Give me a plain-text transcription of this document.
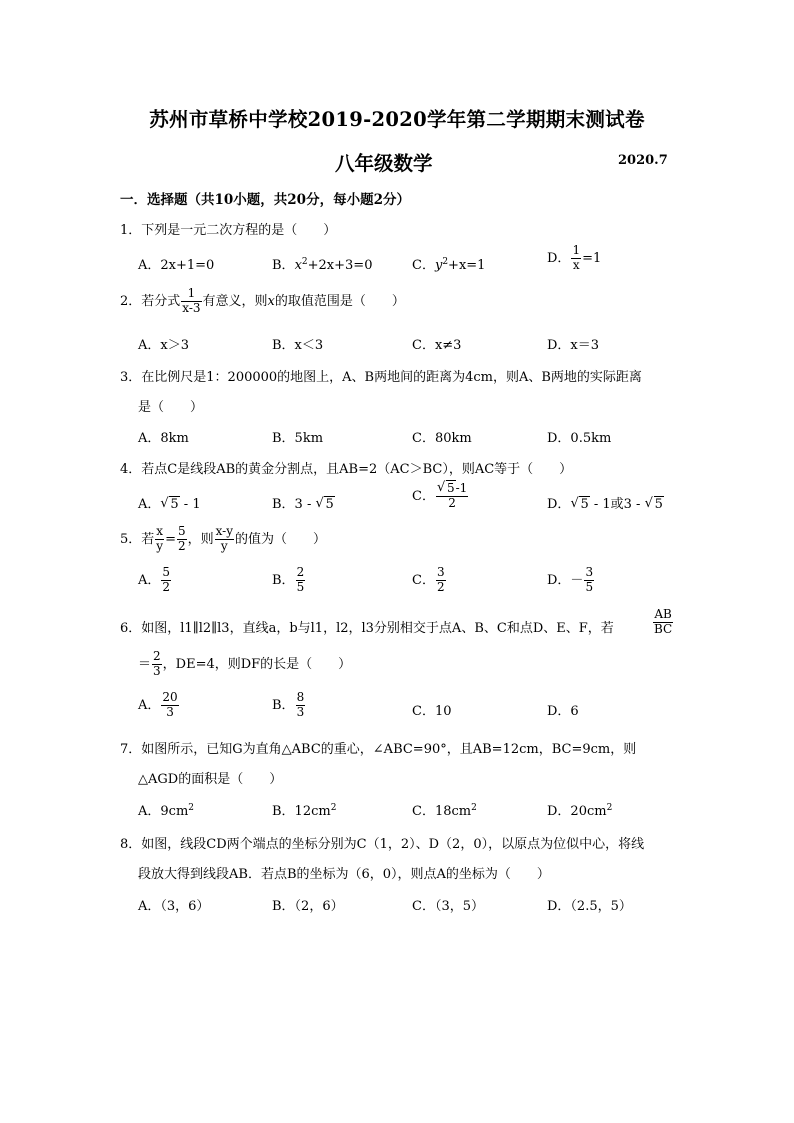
苏州市草桥中学校2019-2020学年第二学期期末测试卷
八年级数学	2020.7
一．选择题（共10小题，共20分，每小题2分）
1．下列是一元二次方程的是（　　）
A．2x+1=0	B．$x^2+2x+3=0$	C．$y^2+x=1$	D． $\frac{1}{x} =1$
2．若分式 $\frac{1}{x-3}$ 有意义，则x的取值范围是（　　）
A．x＞3	B．x＜3	C．x≠3	D．x＝3
3．在比例尺是1：200000的地图上，A、B两地间的距离为4cm，则A、B两地的实际距离
是（　　）
A．8km	B．5km	C．80km	D．0.5km
4．若点C是线段AB的黄金分割点，且AB=2（AC＞BC），则AC等于（　　）
A． √ 5 - 1	B．3 - √ 5
C． √ $\frac{5-1}{2}$	D． √ 5 - 1或3 - √ 5
5．若 $\frac{x}{y} = \frac{5}{2}$ ，则 $\frac{x-y}{y}$ 的值为（　　）
A． $\frac{5}{2}$	B． $\frac{2}{5}$	C． $\frac{3}{2}$	D．－ $\frac{3}{5}$
6．如图，l1∥l2∥l3，直线a，b与l1，l2，l3分别相交于点A、B、C和点D、E、F，若	$\frac{AB}{BC}$
＝ $\frac{2}{3}$ ，DE=4，则DF的长是（　　）
A． $\frac{20}{3}$	B． $\frac{8}{3}$	C．10	D．6
7．如图所示，已知G为直角△ABC的重心，∠ABC=90°，且AB=12cm，BC=9cm，则
△AGD的面积是（　　）
A．$9cm^2$	B．$12cm^2$	C．$18cm^2$	D．$20cm^2$
8．如图，线段CD两个端点的坐标分别为C（1，2）、D（2，0），以原点为位似中心，将线
段放大得到线段AB．若点B的坐标为（6，0），则点A的坐标为（　　）
A．（3，6）	B．（2，6）	C．（3，5）	D．（2.5，5）
